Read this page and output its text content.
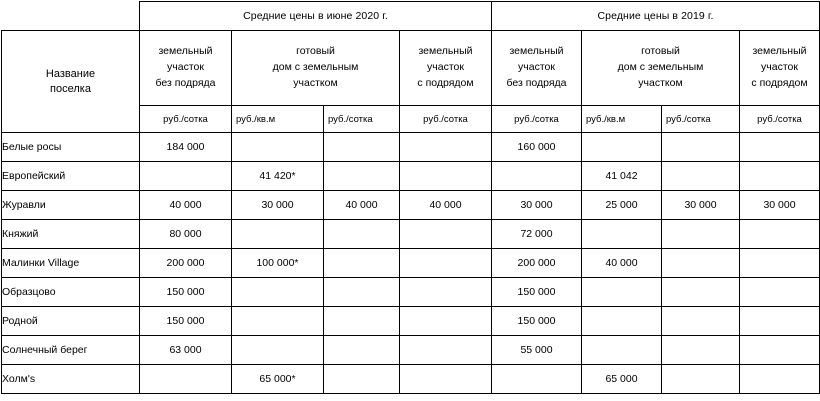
	Средние цены в июне 2020 г.				Средние цены в 2019 г.			

Название
поселка

земельный
участок
без подряда

готовый
дом с земельным
участком

земельный
участок
с подрядом

земельный
участок
без подряда

готовый
дом с земельным
участком

земельный
участок
с подрядом

	руб./сотка	руб./кв.м	руб./сотка	руб./сотка	руб./сотка	руб./кв.м	руб./сотка	руб./сотка
Белые росы	184 000				160 000			
Европейский		41 420*				41 042		
Журавли	40 000	30 000	40 000	40 000	30 000	25 000	30 000	30 000
Княжий	80 000				72 000			
Малинки Village	200 000	100 000*			200 000	40 000		
Образцово	150 000				150 000			
Родной	150 000				150 000			
Солнечный берег	63 000				55 000			
Холм's		65 000*				65 000		
